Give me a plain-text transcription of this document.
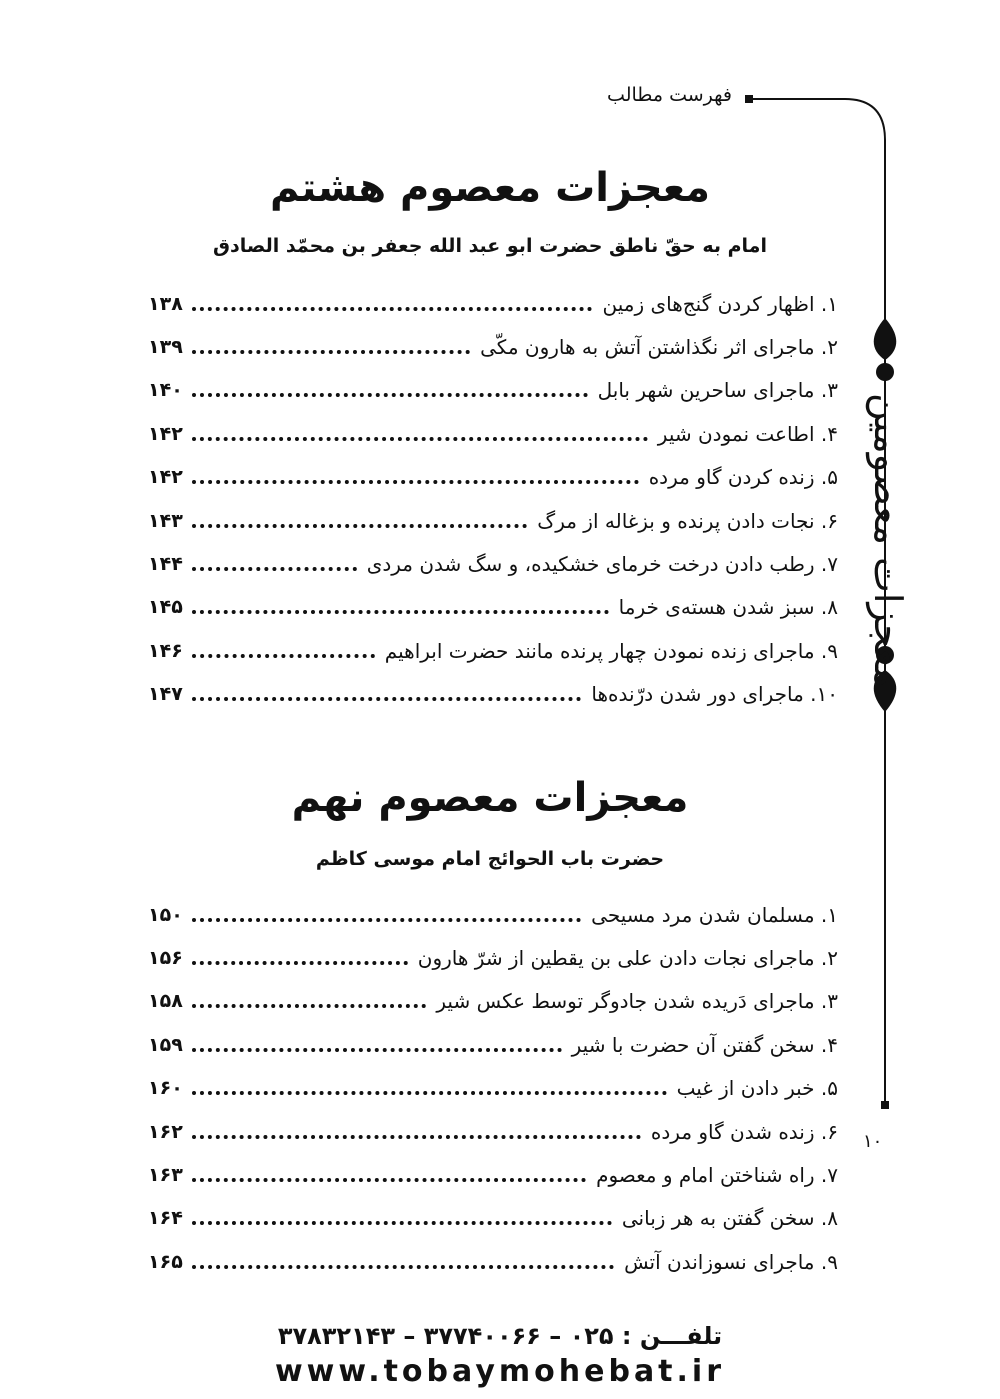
فهرست مطالب
معجزات معصومین
معجزات معصوم هشتم
امام به حقّ ناطق حضرت ابو عبد الله جعفر بن محمّد الصادق
۱. اظهار کردن گنج‌های زمین
۱۳۸
۲. ماجرای اثر نگذاشتن آتش به هارون مکّی
۱۳۹
۳. ماجرای ساحرین شهر بابل
۱۴۰
۴. اطاعت نمودن شیر
۱۴۲
۵. زنده کردن گاو مرده
۱۴۲
۶. نجات دادن پرنده و بزغاله از مرگ
۱۴۳
۷. رطب دادن درخت خرمای خشکیده، و سگ شدن مردی
۱۴۴
۸. سبز شدن هسته‌ی خرما
۱۴۵
۹. ماجرای زنده نمودن چهار پرنده مانند حضرت ابراهیم
۱۴۶
۱۰. ماجرای دور شدن درّنده‌ها
۱۴۷
معجزات معصوم نهم
حضرت باب الحوائج امام موسی کاظم
۱. مسلمان شدن مرد مسیحی
۱۵۰
۲. ماجرای نجات دادن علی بن یقطین از شرّ هارون
۱۵۶
۳. ماجرای دَریده شدن جادوگر توسط عکس شیر
۱۵۸
۴. سخن گفتن آن حضرت با شیر
۱۵۹
۵. خبر دادن از غیب
۱۶۰
۶. زنده شدن گاو مرده
۱۶۲
۷. راه شناختن امام و معصوم
۱۶۳
۸. سخن گفتن به هر زبانی
۱۶۴
۹. ماجرای نسوزاندن آتش
۱۶۵
۱۰
تلفـــن : ۰۲۵ – ۳۷۷۴۰۰۶۶ – ۳۷۸۳۲۱۴۳
www.tobaymohebat.ir
